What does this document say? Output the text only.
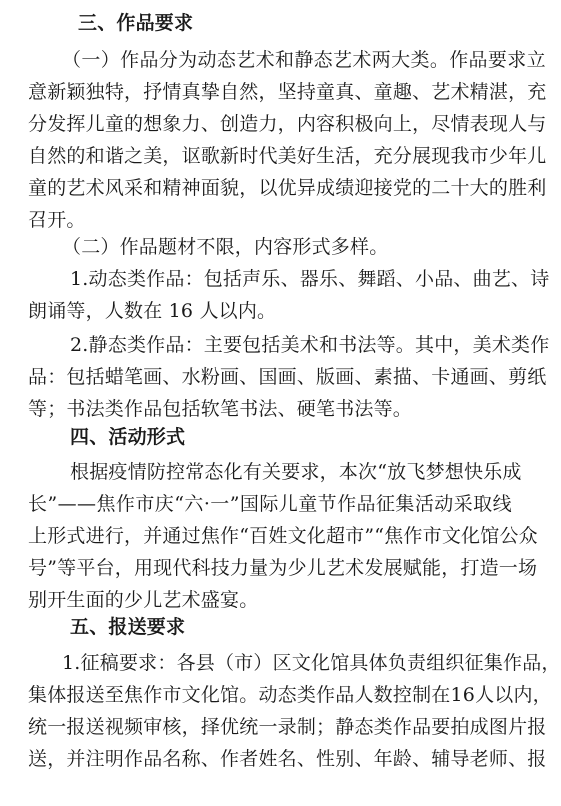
三、作品要求
（ 一 ） 作 品 分 为 动 态 艺 术 和 静 态 艺 术 两 大 类 。 作 品 要 求 立
意 新 颖 独 特 ， 抒 情 真 挚 自 然 ， 坚 持 童 真 、 童 趣 、 艺 术 精 湛 ， 充
分 发 挥 儿 童 的 想 象 力 、 创 造 力 ， 内 容 积 极 向 上 ， 尽 情 表 现 人 与
自 然 的 和 谐 之 美 ， 讴 歌 新 时 代 美 好 生 活 ， 充 分 展 现 我 市 少 年 儿
童 的 艺 术 风 采 和 精 神 面 貌 ， 以 优 异 成 绩 迎 接 党 的 二 十 大 的 胜 利
召开。
（二）作品题材不限，内容形式多样。
1 . 动 态 类 作 品 ： 包 括 声 乐 、 器 乐 、 舞 蹈 、 小 品 、 曲 艺 、 诗
朗诵等，人数在 16 人以内。
2 . 静 态 类 作 品 ： 主 要 包 括 美 术 和 书 法 等 。 其 中 ， 美 术 类 作
品 ： 包 括 蜡 笔 画 、 水 粉 画 、 国 画 、 版 画 、 素 描 、 卡 通 画 、 剪 纸
等；书法类作品包括软笔书法、硬笔书法等。
四、活动形式
根 据 疫 情 防 控 常 态 化 有 关 要 求 ， 本 次 “ 放 飞 梦 想 快 乐 成
长 ” — — 焦 作 市 庆 “ 六 · 一 ” 国 际 儿 童 节 作 品 征 集 活 动 采 取 线
上 形 式 进 行 ， 并 通 过 焦 作 “ 百 姓 文 化 超 市 ” “ 焦 作 市 文 化 馆 公 众
号 ” 等 平 台 ， 用 现 代 科 技 力 量 为 少 儿 艺 术 发 展 赋 能 ， 打 造 一 场
别开生面的少儿艺术盛宴。
五、报送要求
1 . 征 稿 要 求 ： 各 县 （ 市 ） 区 文 化 馆 具 体 负 责 组 织 征 集 作 品 ，
集 体 报 送 至 焦 作 市 文 化 馆 。 动 态 类 作 品 人 数 控 制 在 1 6 人 以 内 ，
统 一 报 送 视 频 审 核 ， 择 优 统 一 录 制 ； 静 态 类 作 品 要 拍 成 图 片 报
送 ， 并 注 明 作 品 名 称 、 作 者 姓 名 、 性 别 、 年 龄 、 辅 导 老 师 、 报
